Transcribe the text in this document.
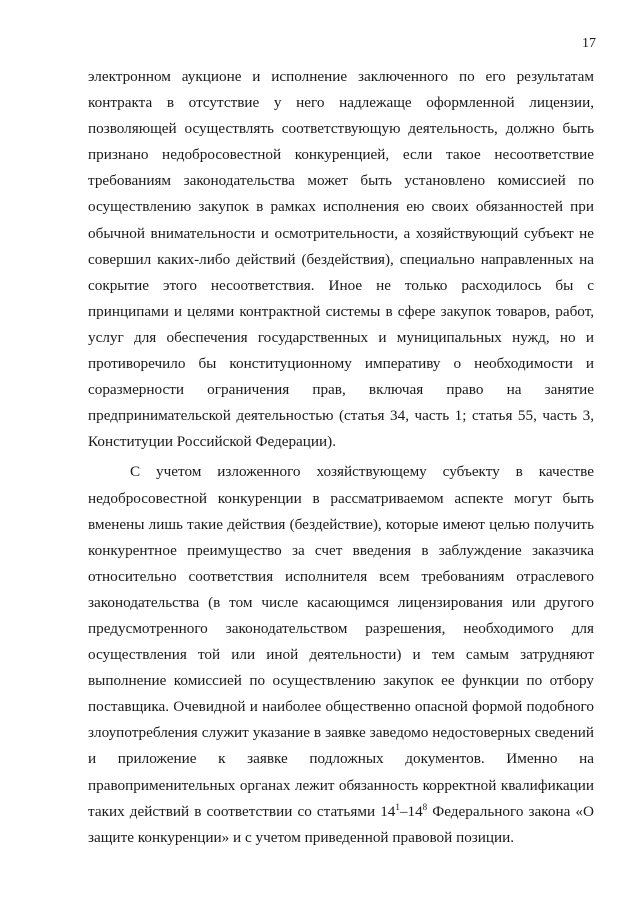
17
электронном аукционе и исполнение заключенного по его результатам
контракта в отсутствие у него надлежаще оформленной лицензии,
позволяющей осуществлять соответствующую деятельность, должно быть
признано недобросовестной конкуренцией, если такое несоответствие
требованиям законодательства может быть установлено комиссией по
осуществлению закупок в рамках исполнения ею своих обязанностей при
обычной внимательности и осмотрительности, а хозяйствующий субъект не
совершил каких-либо действий (бездействия), специально направленных на
сокрытие этого несоответствия. Иное не только расходилось бы с
принципами и целями контрактной системы в сфере закупок товаров, работ,
услуг для обеспечения государственных и муниципальных нужд, но и
противоречило бы конституционному императиву о необходимости и
соразмерности ограничения прав, включая право на занятие
предпринимательской деятельностью (статья 34, часть 1; статья 55, часть 3,
Конституции Российской Федерации).
С учетом изложенного хозяйствующему субъекту в качестве
недобросовестной конкуренции в рассматриваемом аспекте могут быть
вменены лишь такие действия (бездействие), которые имеют целью получить
конкурентное преимущество за счет введения в заблуждение заказчика
относительно соответствия исполнителя всем требованиям отраслевого
законодательства (в том числе касающимся лицензирования или другого
предусмотренного законодательством разрешения, необходимого для
осуществления той или иной деятельности) и тем самым затрудняют
выполнение комиссией по осуществлению закупок ее функции по отбору
поставщика. Очевидной и наиболее общественно опасной формой подобного
злоупотребления служит указание в заявке заведомо недостоверных сведений
и приложение к заявке подложных документов. Именно на
правоприменительных органах лежит обязанность корректной квалификации
таких действий в соответствии со статьями $14^1-14^8$ Федерального закона «О
защите конкуренции» и с учетом приведенной правовой позиции.
